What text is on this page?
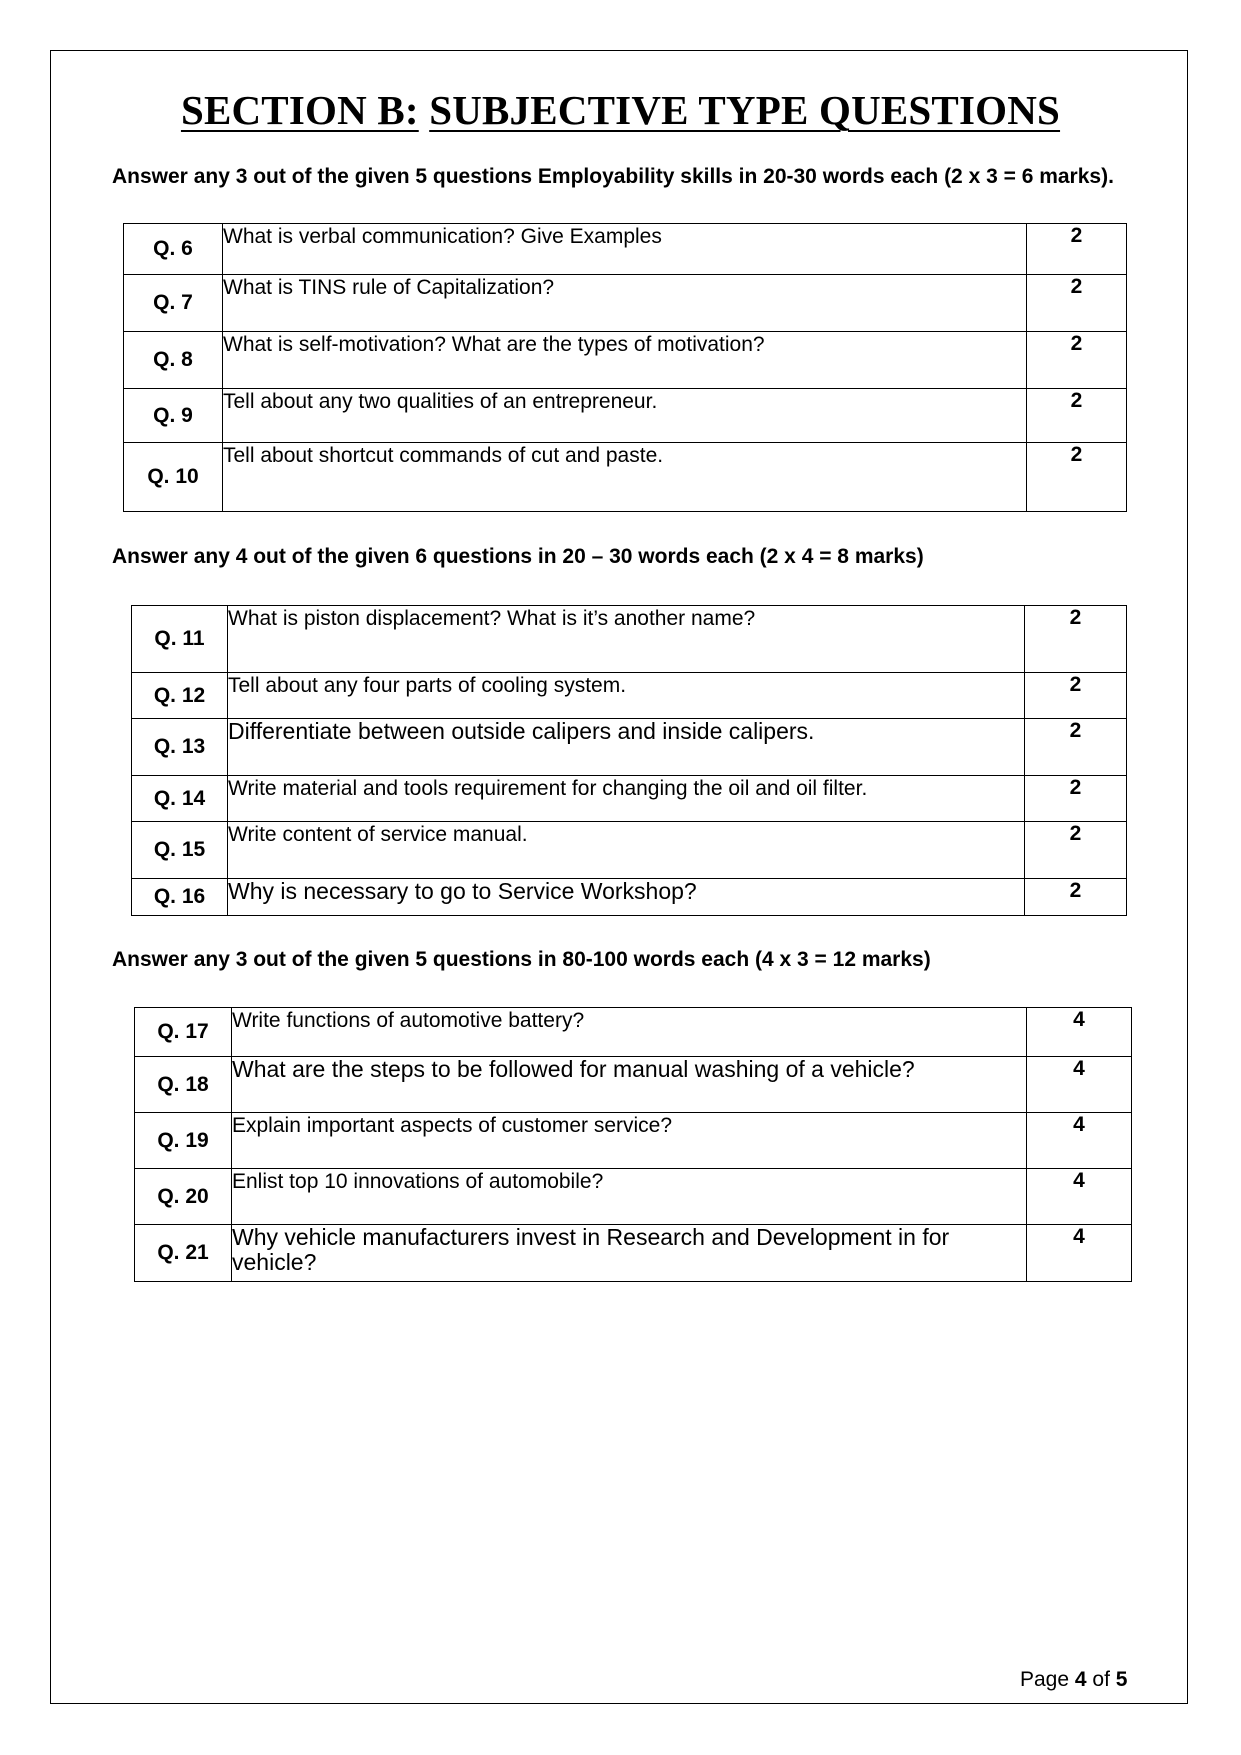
SECTION B: SUBJECTIVE TYPE QUESTIONS
Answer any 3 out of the given 5 questions Employability skills in 20-30 words each (2 x 3 = 6 marks).
Q. 6	What is verbal communication? Give Examples	2
Q. 7	What is TINS rule of Capitalization?	2
Q. 8	What is self-motivation? What are the types of motivation?	2
Q. 9	Tell about any two qualities of an entrepreneur.	2
Q. 10	Tell about shortcut commands of cut and paste.	2
Answer any 4 out of the given 6 questions in 20 – 30 words each (2 x 4 = 8 marks)
Q. 11	What is piston displacement? What is it’s another name?	2
Q. 12	Tell about any four parts of cooling system.	2
Q. 13	Differentiate between outside calipers and inside calipers.	2
Q. 14	Write material and tools requirement for changing the oil and oil filter.	2
Q. 15	Write content of service manual.	2
Q. 16	Why is necessary to go to Service Workshop?	2
Answer any 3 out of the given 5 questions in 80-100 words each (4 x 3 = 12 marks)
Q. 17	Write functions of automotive battery?	4
Q. 18	What are the steps to be followed for manual washing of a vehicle?	4
Q. 19	Explain important aspects of customer service?	4
Q. 20	Enlist top 10 innovations of automobile?	4
Q. 21	Why vehicle manufacturers invest in Research and Development in for vehicle?	4
Page 4 of 5
